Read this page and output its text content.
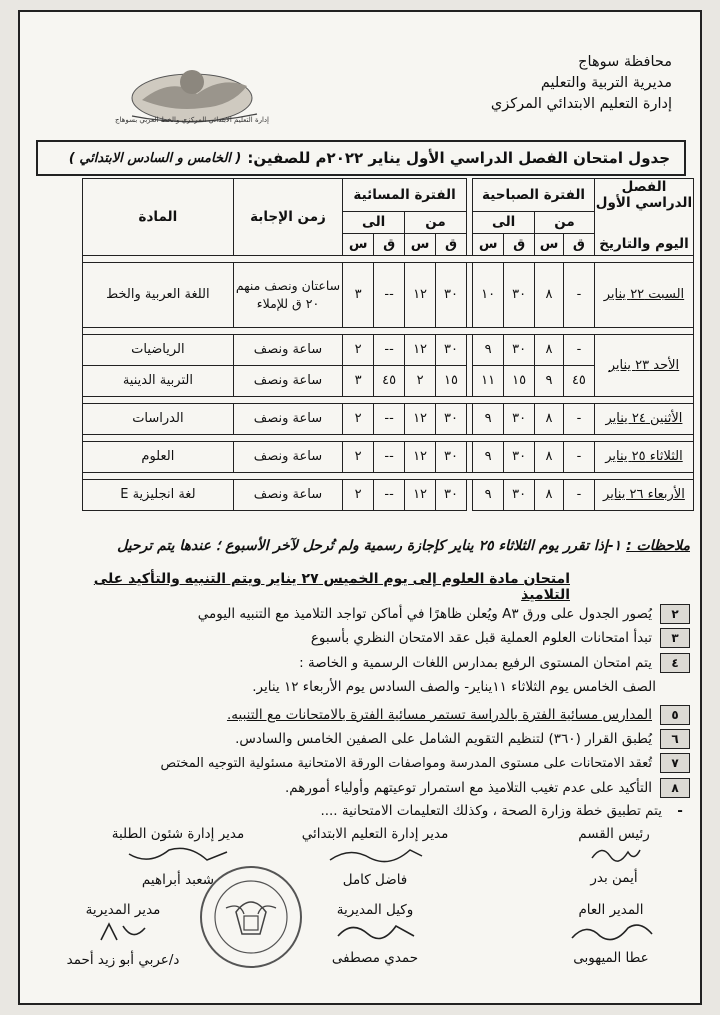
محافظة سوهاج
مديرية التربية والتعليم
إدارة التعليم الابتدائي المركزي
إدارة التعليم الابتدائي المركزي والخط العربي بسوهاج
جدول امتحان الفصل الدراسي الأول يناير ٢٠٢٢م للصفين:
( الخامس و السادس الابتدائي )
الفصل الدراسي الأول	الفترة الصباحية					الفترة المسائية				زمن الإجابة	المادة
	من		الى			من		الى			
اليوم والتاريخ	ق	س	ق	س		ق	س	ق	س		

السبت ٢٢ يناير	-	٨	٣٠	١٠		٣٠	١٢	--	٣	ساعتان ونصف منهم ٢٠ ق للإملاء	اللغة العربية والخط

الأحد ٢٣ يناير	-	٨	٣٠	٩		٣٠	١٢	--	٢	ساعة ونصف	الرياضيات
	٤٥	٩	١٥	١١		١٥	٢	٤٥	٣	ساعة ونصف	التربية الدينية

الأثنين ٢٤ يناير	-	٨	٣٠	٩		٣٠	١٢	--	٢	ساعة ونصف	الدراسات

الثلاثاء ٢٥ يناير	-	٨	٣٠	٩		٣٠	١٢	--	٢	ساعة ونصف	العلوم

الأربعاء ٢٦ يناير	-	٨	٣٠	٩		٣٠	١٢	--	٢	ساعة ونصف	لغة انجليزية E
ملاحظات : ١-إذا تقرر يوم الثلاثاء ٢٥ يناير كإجازة رسمية ولم تُرحل لآخر الأسبوع ؛ عندها يتم ترحيل
امتحان مادة العلوم إلى يوم الخميس ٢٧ يناير ويتم التنبيه والتأكيد على التلاميذ
٢
يُصور الجدول على ورق A٣ ويُعلن ظاهرًا في أماكن تواجد التلاميذ مع التنبيه اليومي
٣
تبدأ امتحانات العلوم العملية قبل عقد الامتحان النظري بأسبوع
٤
يتم امتحان المستوى الرفيع بمدارس اللغات الرسمية و الخاصة :
الصف الخامس يوم الثلاثاء ١١يناير- والصف السادس يوم الأربعاء ١٢ يناير.
٥
المدارس مسائية الفترة بالدراسة تستمر مسائية الفترة بالامتحانات مع التنبيه.
٦
يُطبق القرار (٣٦٠) لتنظيم التقويم الشامل على الصفين الخامس والسادس.
٧
تُعقد الامتحانات على مستوى المدرسة ومواصفات الورقة الامتحانية مسئولية التوجيه المختص
٨
التأكيد على عدم تغيب التلاميذ مع استمرار توعيتهم وأولياء أمورهم.
-
يتم تطبيق خطة وزارة الصحة ، وكذلك التعليمات الامتحانية ....
رئيس القسم
أيمن بدر
مدير إدارة التعليم الابتدائي
فاضل كامل
مدير إدارة شئون الطلبة
شعبد أبراهيم
المدير العام
عطا الميهوبى
وكيل المديرية
حمدي مصطفى
مدير المديرية
د/عربي أبو زيد أحمد
